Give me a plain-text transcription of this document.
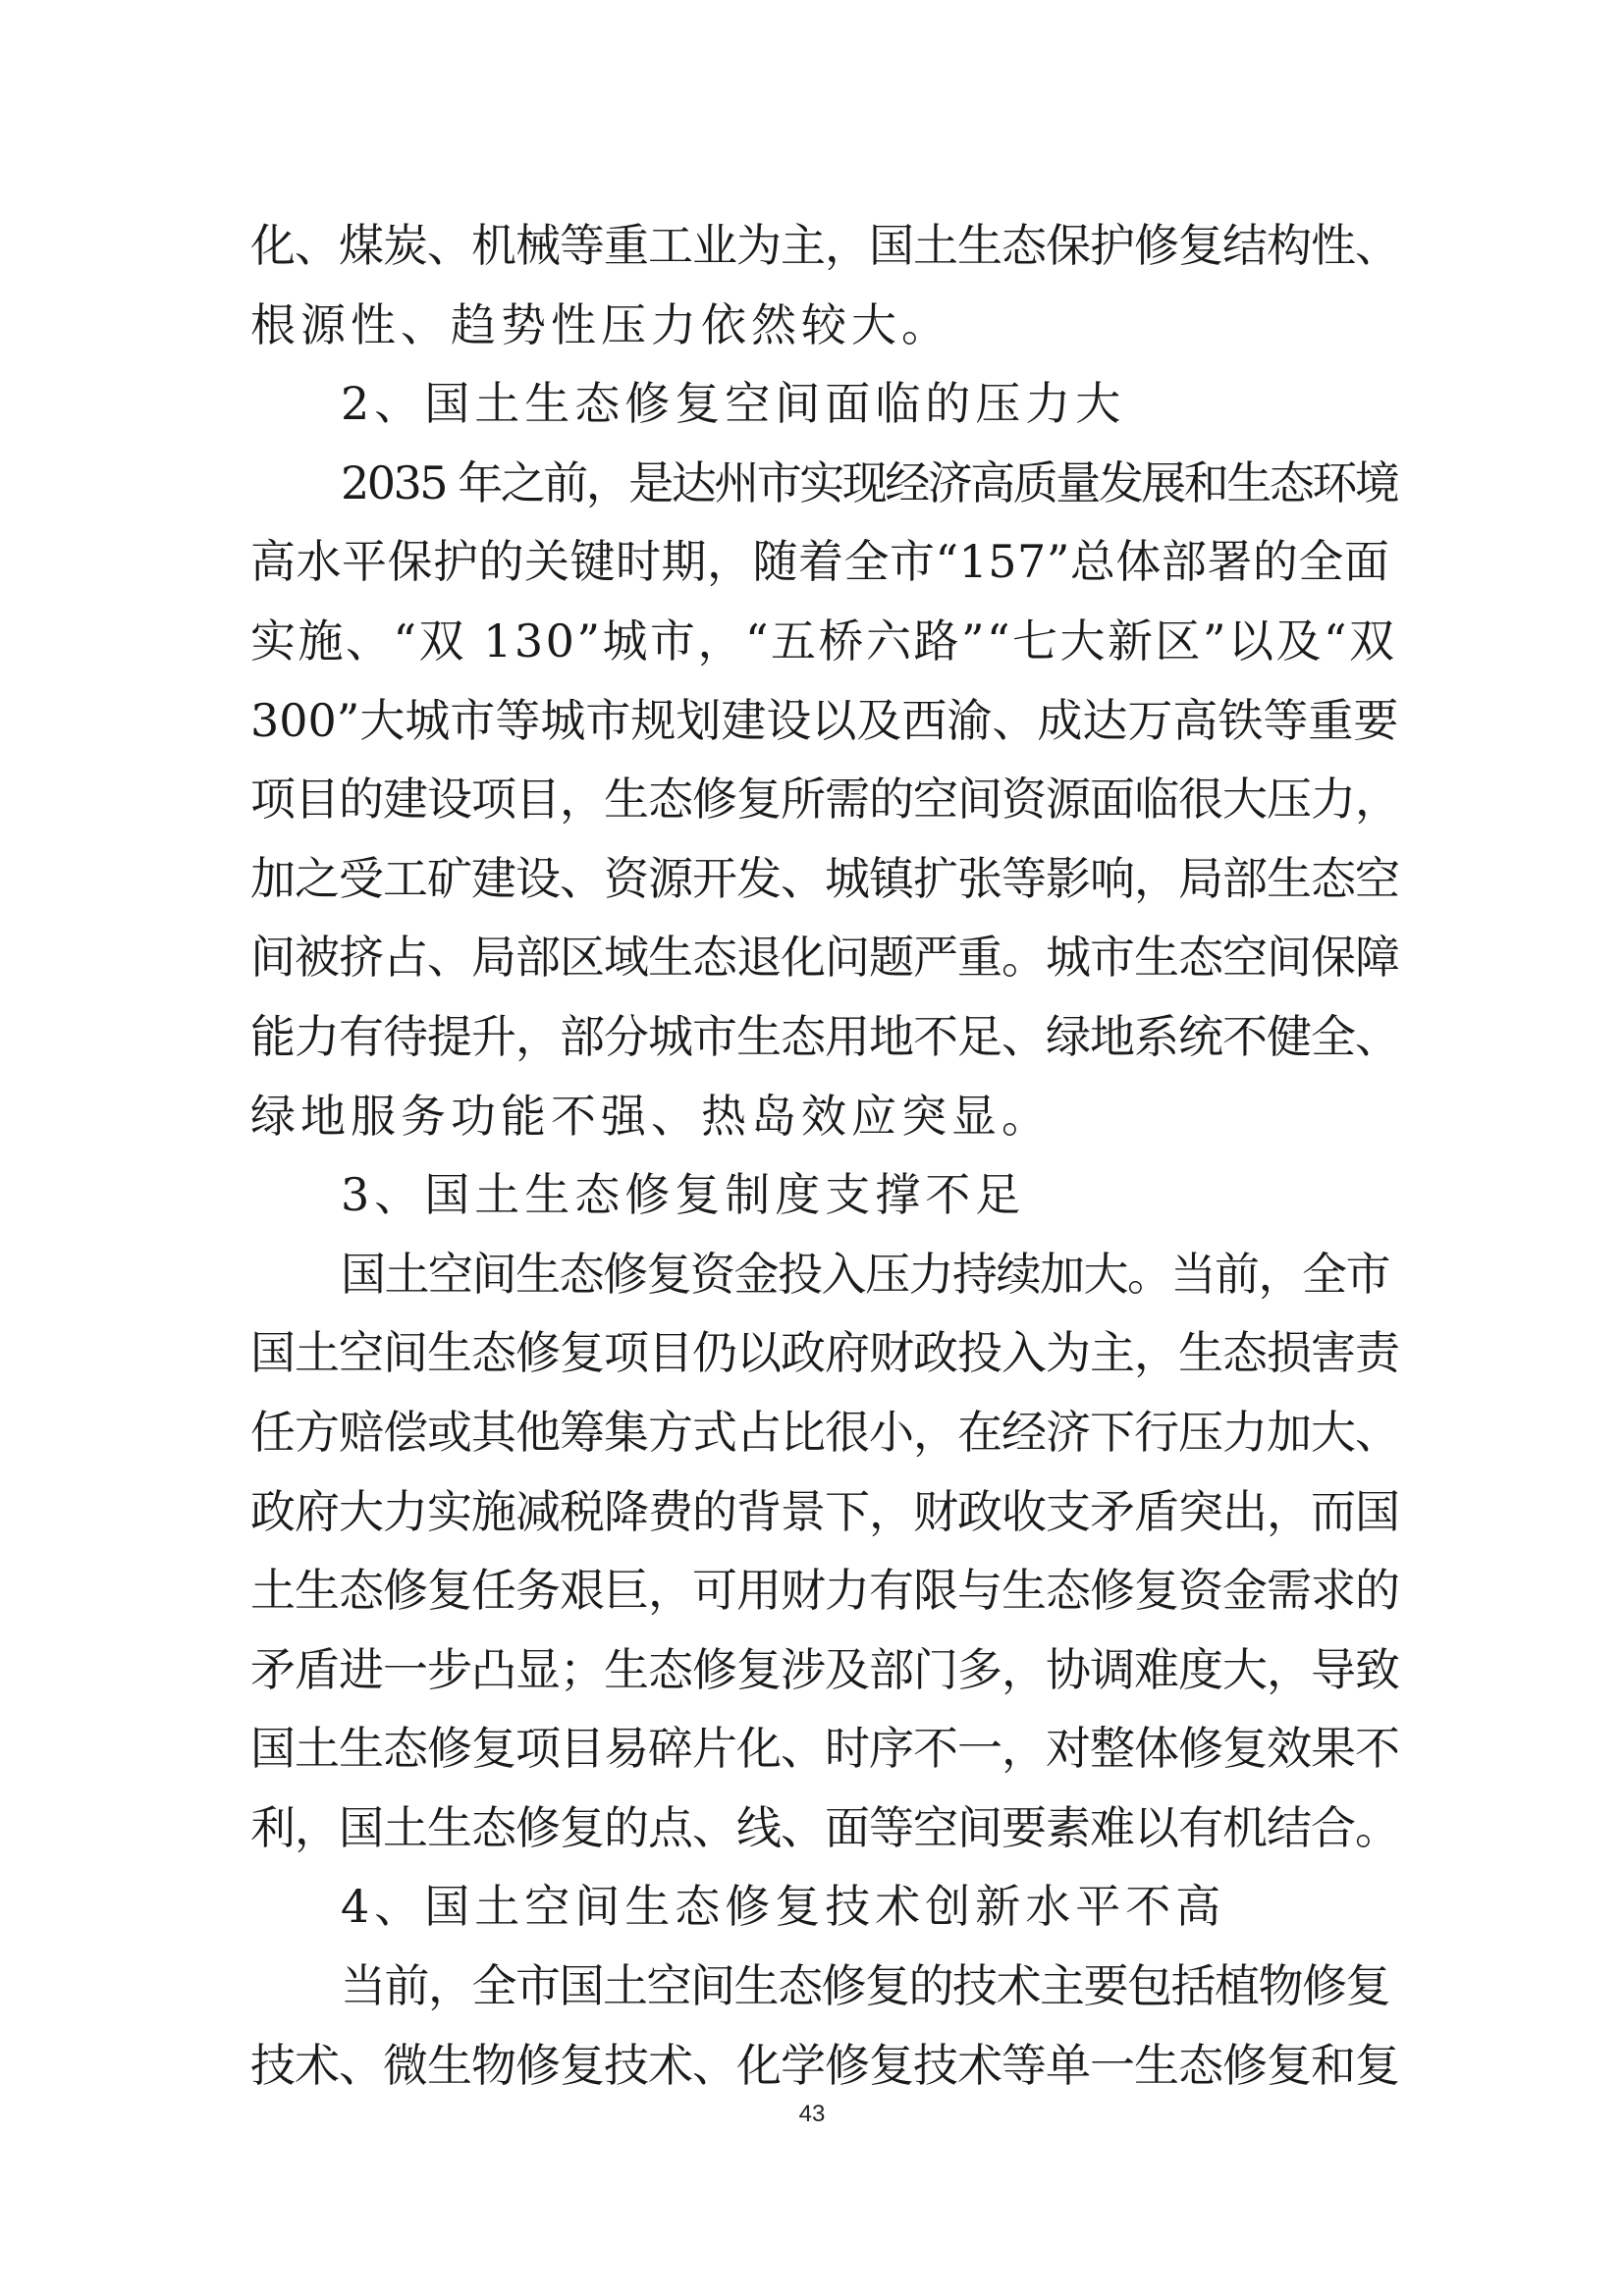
化、煤炭、机械等重工业为主，国土生态保护修复结构性、
根源性、趋势性压力依然较大。
2、国土生态修复空间面临的压力大
2035 年之前，是达州市实现经济高质量发展和生态环境
高水平保护的关键时期，随着全市“157”总体部署的全面
实施、“双 130”城市，“五桥六路”“七大新区”以及“双
300”大城市等城市规划建设以及西渝、成达万高铁等重要
项目的建设项目，生态修复所需的空间资源面临很大压力，
加之受工矿建设、资源开发、城镇扩张等影响，局部生态空
间被挤占、局部区域生态退化问题严重。城市生态空间保障
能力有待提升，部分城市生态用地不足、绿地系统不健全、
绿地服务功能不强、热岛效应突显。
3、国土生态修复制度支撑不足
国土空间生态修复资金投入压力持续加大。当前，全市
国土空间生态修复项目仍以政府财政投入为主，生态损害责
任方赔偿或其他筹集方式占比很小，在经济下行压力加大、
政府大力实施减税降费的背景下，财政收支矛盾突出，而国
土生态修复任务艰巨，可用财力有限与生态修复资金需求的
矛盾进一步凸显；生态修复涉及部门多，协调难度大，导致
国土生态修复项目易碎片化、时序不一，对整体修复效果不
利，国土生态修复的点、线、面等空间要素难以有机结合。
4、国土空间生态修复技术创新水平不高
当前，全市国土空间生态修复的技术主要包括植物修复
技术、微生物修复技术、化学修复技术等单一生态修复和复
43
